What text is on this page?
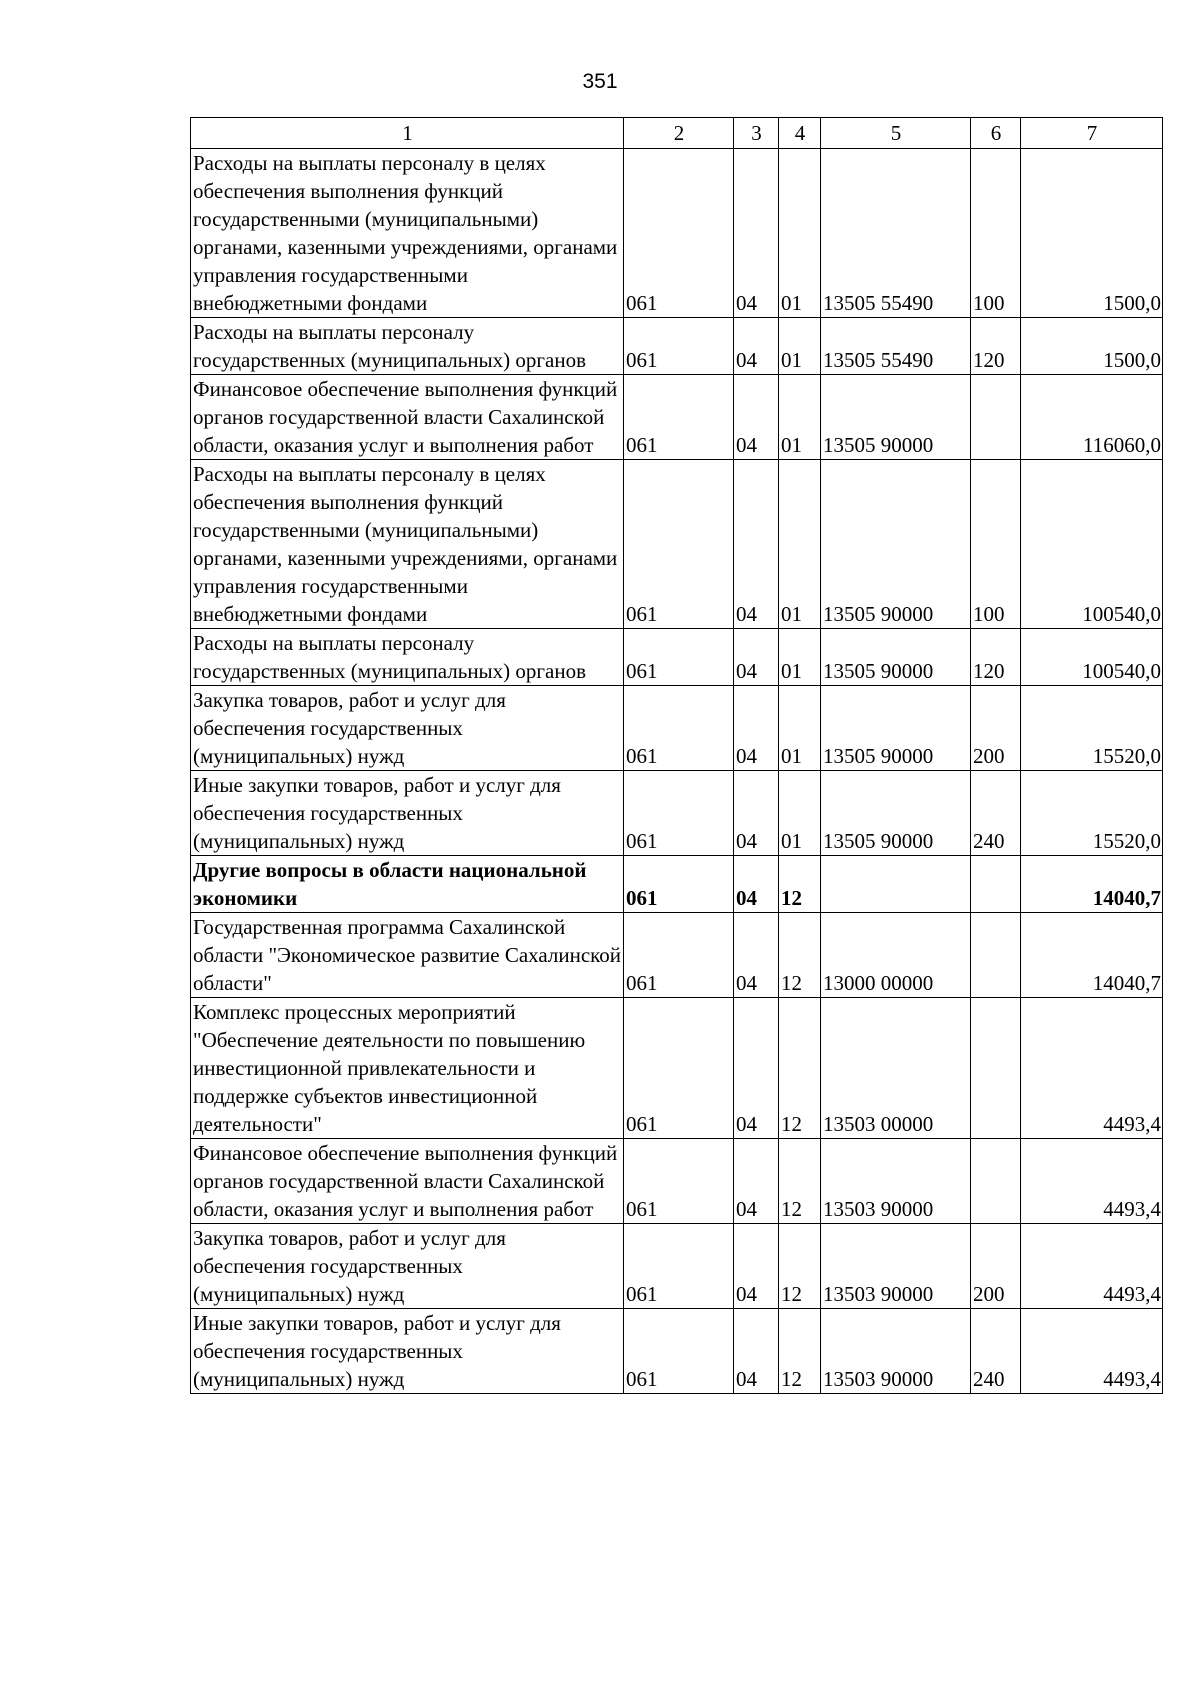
351
1	2	3	4	5	6	7
Расходы на выплаты персоналу в целях обеспечения выполнения функций государственными (муниципальными) органами, казенными учреждениями, органами управления государственными внебюджетными фондами	061	04	01	13505 55490	100	1500,0
Расходы на выплаты персоналу государственных (муниципальных) органов	061	04	01	13505 55490	120	1500,0
Финансовое обеспечение выполнения функций органов государственной власти Сахалинской области, оказания услуг и выполнения работ	061	04	01	13505 90000		116060,0
Расходы на выплаты персоналу в целях обеспечения выполнения функций государственными (муниципальными) органами, казенными учреждениями, органами управления государственными внебюджетными фондами	061	04	01	13505 90000	100	100540,0
Расходы на выплаты персоналу государственных (муниципальных) органов	061	04	01	13505 90000	120	100540,0
Закупка товаров, работ и услуг для обеспечения государственных (муниципальных) нужд	061	04	01	13505 90000	200	15520,0
Иные закупки товаров, работ и услуг для обеспечения государственных (муниципальных) нужд	061	04	01	13505 90000	240	15520,0
Другие вопросы в области национальной экономики	061	04	12			14040,7
Государственная программа Сахалинской области "Экономическое развитие Сахалинской области"	061	04	12	13000 00000		14040,7
Комплекс процессных мероприятий "Обеспечение деятельности по повышению инвестиционной привлекательности и поддержке субъектов инвестиционной деятельности"	061	04	12	13503 00000		4493,4
Финансовое обеспечение выполнения функций органов государственной власти Сахалинской области, оказания услуг и выполнения работ	061	04	12	13503 90000		4493,4
Закупка товаров, работ и услуг для обеспечения государственных (муниципальных) нужд	061	04	12	13503 90000	200	4493,4
Иные закупки товаров, работ и услуг для обеспечения государственных (муниципальных) нужд	061	04	12	13503 90000	240	4493,4
